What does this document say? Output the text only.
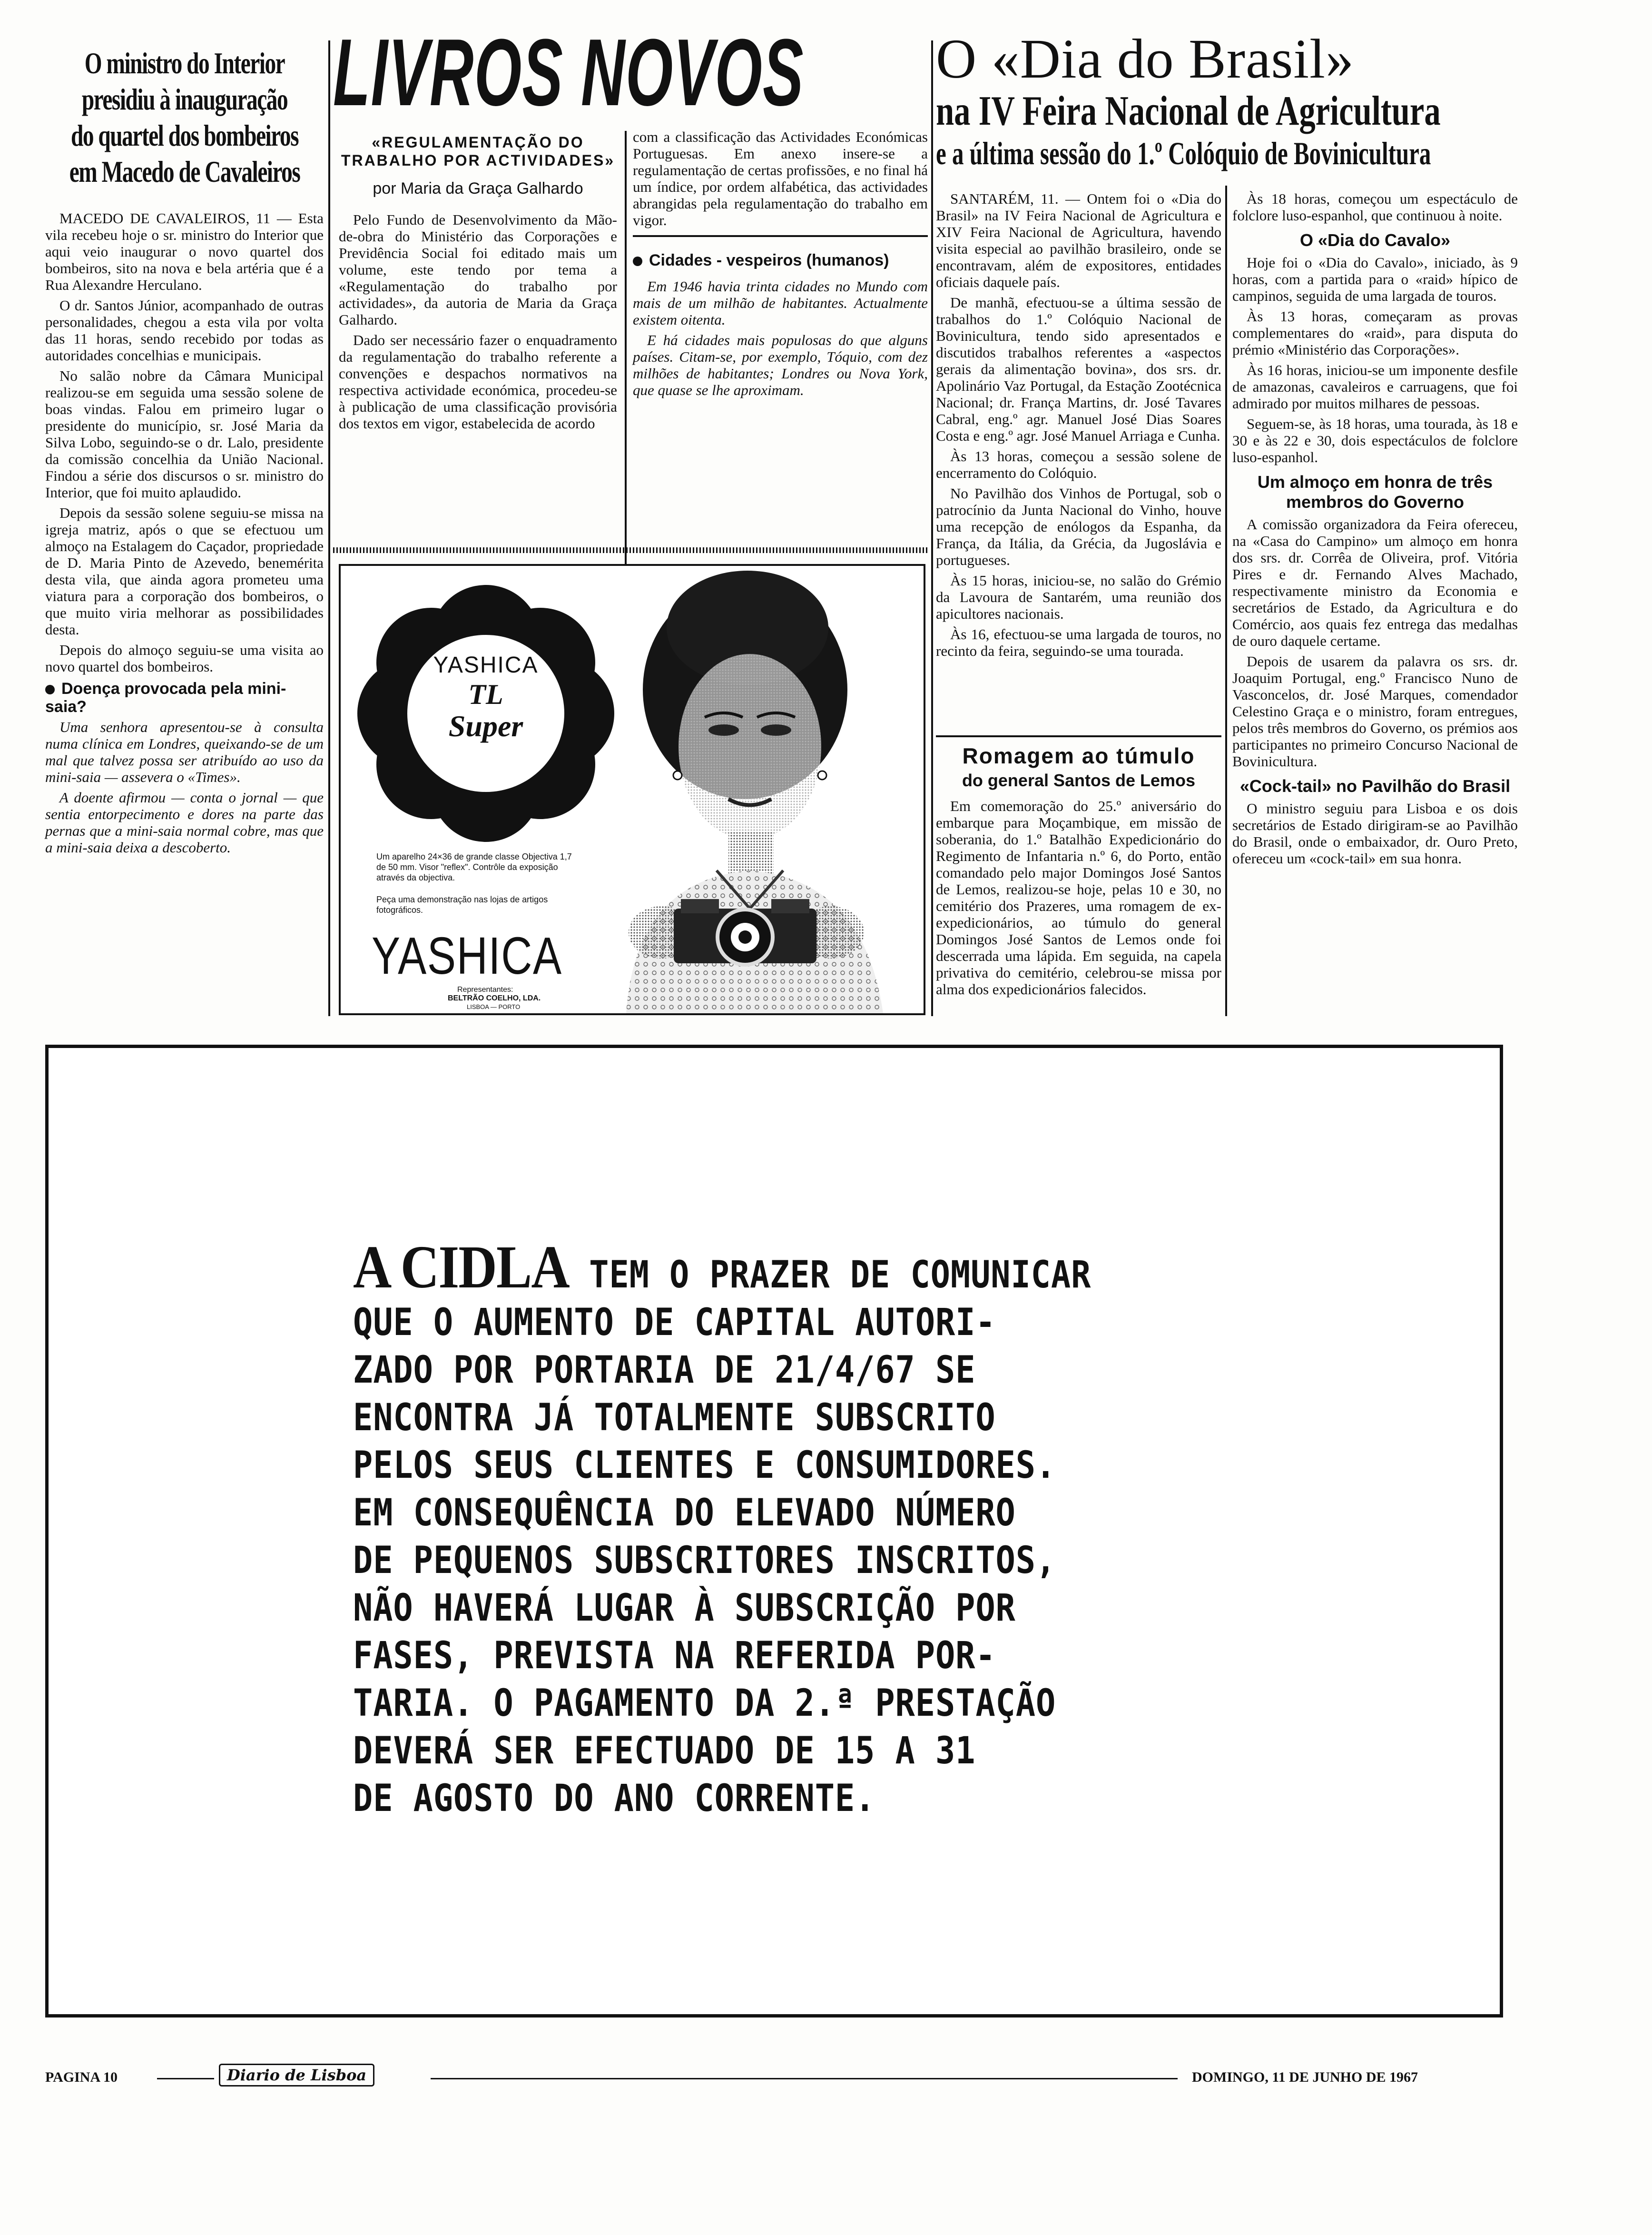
O ministro do Interior
presidiu à inauguração
do quartel dos bombeiros
em Macedo de Cavaleiros

MACEDO DE CAVALEIROS, 11 — Esta vila recebeu hoje o sr. ministro do Interior que aqui veio inaugurar o novo quartel dos bombeiros, sito na nova e bela artéria que é a Rua Alexandre Herculano.

O dr. Santos Júnior, acompanhado de outras personalidades, chegou a esta vila por volta das 11 horas, sendo recebido por todas as autoridades concelhias e municipais.

No salão nobre da Câmara Municipal realizou-se em seguida uma sessão solene de boas vindas. Falou em primeiro lugar o presidente do município, sr. José Maria da Silva Lobo, seguindo-se o dr. Lalo, presidente da comissão concelhia da União Nacional. Findou a série dos discursos o sr. ministro do Interior, que foi muito aplaudido.

Depois da sessão solene seguiu-se missa na igreja matriz, após o que se efectuou um almoço na Estalagem do Caçador, propriedade de D. Maria Pinto de Azevedo, benemérita desta vila, que ainda agora prometeu uma viatura para a corporação dos bombeiros, o que muito viria melhorar as possibilidades desta.

Depois do almoço seguiu-se uma visita ao novo quartel dos bombeiros.

Doença provocada pela mini-saia?

Uma senhora apresentou-se à consulta numa clínica em Londres, queixando-se de um mal que talvez possa ser atribuído ao uso da mini-saia — assevera o «Times».

A doente afirmou — conta o jornal — que sentia entorpecimento e dores na parte das pernas que a mini-saia normal cobre, mas que a mini-saia deixa a descoberto.

LIVROS NOVOS
«REGULAMENTAÇÃO DO TRABALHO POR ACTIVIDADES»
por Maria da Graça Galhardo

Pelo Fundo de Desenvolvimento da Mão-de-obra do Ministério das Corporações e Previdência Social foi editado mais um volume, este tendo por tema a «Regulamentação do trabalho por actividades», da autoria de Maria da Graça Galhardo.

Dado ser necessário fazer o enquadramento da regulamentação do trabalho referente a convenções e despachos normativos na respectiva actividade económica, procedeu-se à publicação de uma classificação provisória dos textos em vigor, estabelecida de acordo

com a classificação das Actividades Económicas Portuguesas. Em anexo insere-se a regulamentação de certas profissões, e no final há um índice, por ordem alfabética, das actividades abrangidas pela regulamentação do trabalho em vigor.

Cidades - vespeiros (humanos)

Em 1946 havia trinta cidades no Mundo com mais de um milhão de habitantes. Actualmente existem oitenta.

E há cidades mais populosas do que alguns países. Citam-se, por exemplo, Tóquio, com dez milhões de habitantes; Londres ou Nova York, que quase se lhe aproximam.

YASHICA
TL
Super
Um aparelho 24×36 de grande classe Objectiva 1,7 de 50 mm. Visor "reflex". Contrôle da exposição através da objectiva.
Peça uma demonstração nas lojas de artigos fotográficos.
YASHICA
Representantes:
BELTRÃO COELHO, LDA.
LISBOA — PORTO
O «Dia do Brasil»
na IV Feira Nacional de Agricultura
e a última sessão do 1.º Colóquio de Bovinicultura

SANTARÉM, 11. — Ontem foi o «Dia do Brasil» na IV Feira Nacional de Agricultura e XIV Feira Nacional de Agricultura, havendo visita especial ao pavilhão brasileiro, onde se encontravam, além de expositores, entidades oficiais daquele país.

De manhã, efectuou-se a última sessão de trabalhos do 1.º Colóquio Nacional de Bovinicultura, tendo sido apresentados e discutidos trabalhos referentes a «aspectos gerais da alimentação bovina», dos srs. dr. Apolinário Vaz Portugal, da Estação Zootécnica Nacional; dr. França Martins, dr. José Tavares Cabral, eng.º agr. Manuel José Dias Soares Costa e eng.º agr. José Manuel Arriaga e Cunha.

Às 13 horas, começou a sessão solene de encerramento do Colóquio.

No Pavilhão dos Vinhos de Portugal, sob o patrocínio da Junta Nacional do Vinho, houve uma recepção de enólogos da Espanha, da França, da Itália, da Grécia, da Jugoslávia e portugueses.

Às 15 horas, iniciou-se, no salão do Grémio da Lavoura de Santarém, uma reunião dos apicultores nacionais.

Às 16, efectuou-se uma largada de touros, no recinto da feira, seguindo-se uma tourada.

Às 18 horas, começou um espectáculo de folclore luso-espanhol, que continuou à noite.

O «Dia do Cavalo»

Hoje foi o «Dia do Cavalo», iniciado, às 9 horas, com a partida para o «raid» hípico de campinos, seguida de uma largada de touros.

Às 13 horas, começaram as provas complementares do «raid», para disputa do prémio «Ministério das Corporações».

Às 16 horas, iniciou-se um imponente desfile de amazonas, cavaleiros e carruagens, que foi admirado por muitos milhares de pessoas.

Seguem-se, às 18 horas, uma tourada, às 18 e 30 e às 22 e 30, dois espectáculos de folclore luso-espanhol.

Um almoço em honra de três membros do Governo

A comissão organizadora da Feira ofereceu, na «Casa do Campino» um almoço em honra dos srs. dr. Corrêa de Oliveira, prof. Vitória Pires e dr. Fernando Alves Machado, respectivamente ministro da Economia e secretários de Estado, da Agricultura e do Comércio, aos quais fez entrega das medalhas de ouro daquele certame.

Depois de usarem da palavra os srs. dr. Joaquim Portugal, eng.º Francisco Nuno de Vasconcelos, dr. José Marques, comendador Celestino Graça e o ministro, foram entregues, pelos três membros do Governo, os prémios aos participantes no primeiro Concurso Nacional de Bovinicultura.

«Cock-tail» no Pavilhão do Brasil

O ministro seguiu para Lisboa e os dois secretários de Estado dirigiram-se ao Pavilhão do Brasil, onde o embaixador, dr. Ouro Preto, ofereceu um «cock-tail» em sua honra.

Romagem ao túmulo
do general Santos de Lemos

Em comemoração do 25.º aniversário do embarque para Moçambique, em missão de soberania, do 1.º Batalhão Expedicionário do Regimento de Infantaria n.º 6, do Porto, então comandado pelo major Domingos José Santos de Lemos, realizou-se hoje, pelas 10 e 30, no cemitério dos Prazeres, uma romagem de ex-expedicionários, ao túmulo do general Domingos José Santos de Lemos onde foi descerrada uma lápida. Em seguida, na capela privativa do cemitério, celebrou-se missa por alma dos expedicionários falecidos.

A CIDLA TEM O PRAZER DE COMUNICAR
QUE O AUMENTO DE CAPITAL AUTORI-
ZADO POR PORTARIA DE 21/4/67 SE
ENCONTRA JÁ TOTALMENTE SUBSCRITO
PELOS SEUS CLIENTES E CONSUMIDORES.
EM CONSEQUÊNCIA DO ELEVADO NÚMERO
DE PEQUENOS SUBSCRITORES INSCRITOS,
NÃO HAVERÁ LUGAR À SUBSCRIÇÃO POR
FASES, PREVISTA NA REFERIDA POR-
TARIA. O PAGAMENTO DA 2.ª PRESTAÇÃO
DEVERÁ SER EFECTUADO DE 15 A 31
DE AGOSTO DO ANO CORRENTE.
PAGINA 10	Diario de Lisboa	DOMINGO, 11 DE JUNHO DE 1967
